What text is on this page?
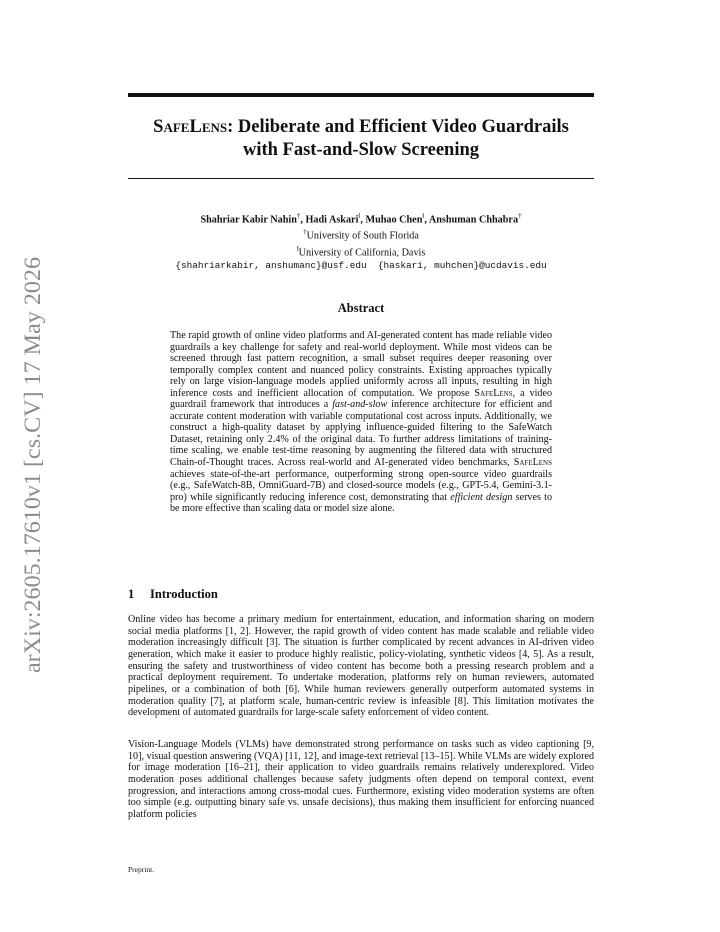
arXiv:2605.17610v1 [cs.CV] 17 May 2026
SafeLens: Deliberate and Efficient Video Guardrails
with Fast-and-Slow Screening
Shahriar Kabir Nahin†, Hadi Askari‖, Muhao Chen‖, Anshuman Chhabra†
†University of South Florida
‖University of California, Davis
{shahriarkabir, anshumanc}@usf.edu  {haskari, muhchen}@ucdavis.edu
Abstract

The rapid growth of online video platforms and AI-generated content has made reliable video guardrails a key challenge for safety and real-world deployment. While most videos can be screened through fast pattern recognition, a small subset requires deeper reasoning over temporally complex content and nuanced policy constraints. Existing approaches typically rely on large vision-language models applied uniformly across all inputs, resulting in high inference costs and inefficient allocation of computation. We propose SafeLens, a video guardrail framework that introduces a fast-and-slow inference architecture for efficient and accurate content moderation with variable computational cost across inputs. Additionally, we construct a high-quality dataset by applying influence-guided filtering to the SafeWatch Dataset, retaining only 2.4% of the original data. To further address limitations of training-time scaling, we enable test-time reasoning by augmenting the filtered data with structured Chain-of-Thought traces. Across real-world and AI-generated video benchmarks, SafeLens achieves state-of-the-art performance, outperforming strong open-source video guardrails (e.g., SafeWatch-8B, OmniGuard-7B) and closed-source models (e.g., GPT-5.4, Gemini-3.1-pro) while significantly reducing inference cost, demonstrating that efficient design serves to be more effective than scaling data or model size alone.

1 Introduction

Online video has become a primary medium for entertainment, education, and information sharing on modern social media platforms [1, 2]. However, the rapid growth of video content has made scalable and reliable video moderation increasingly difficult [3]. The situation is further complicated by recent advances in AI-driven video generation, which make it easier to produce highly realistic, policy-violating, synthetic videos [4, 5]. As a result, ensuring the safety and trustworthiness of video content has become both a pressing research problem and a practical deployment requirement. To undertake moderation, platforms rely on human reviewers, automated pipelines, or a combination of both [6]. While human reviewers generally outperform automated systems in moderation quality [7], at platform scale, human-centric review is infeasible [8]. This limitation motivates the development of automated guardrails for large-scale safety enforcement of video content.

Vision-Language Models (VLMs) have demonstrated strong performance on tasks such as video captioning [9, 10], visual question answering (VQA) [11, 12], and image-text retrieval [13–15]. While VLMs are widely explored for image moderation [16–21], their application to video guardrails remains relatively underexplored. Video moderation poses additional challenges because safety judgments often depend on temporal context, event progression, and interactions among cross-modal cues. Furthermore, existing video moderation systems are often too simple (e.g. outputting binary safe vs. unsafe decisions), thus making them insufficient for enforcing nuanced platform policies

Preprint.
